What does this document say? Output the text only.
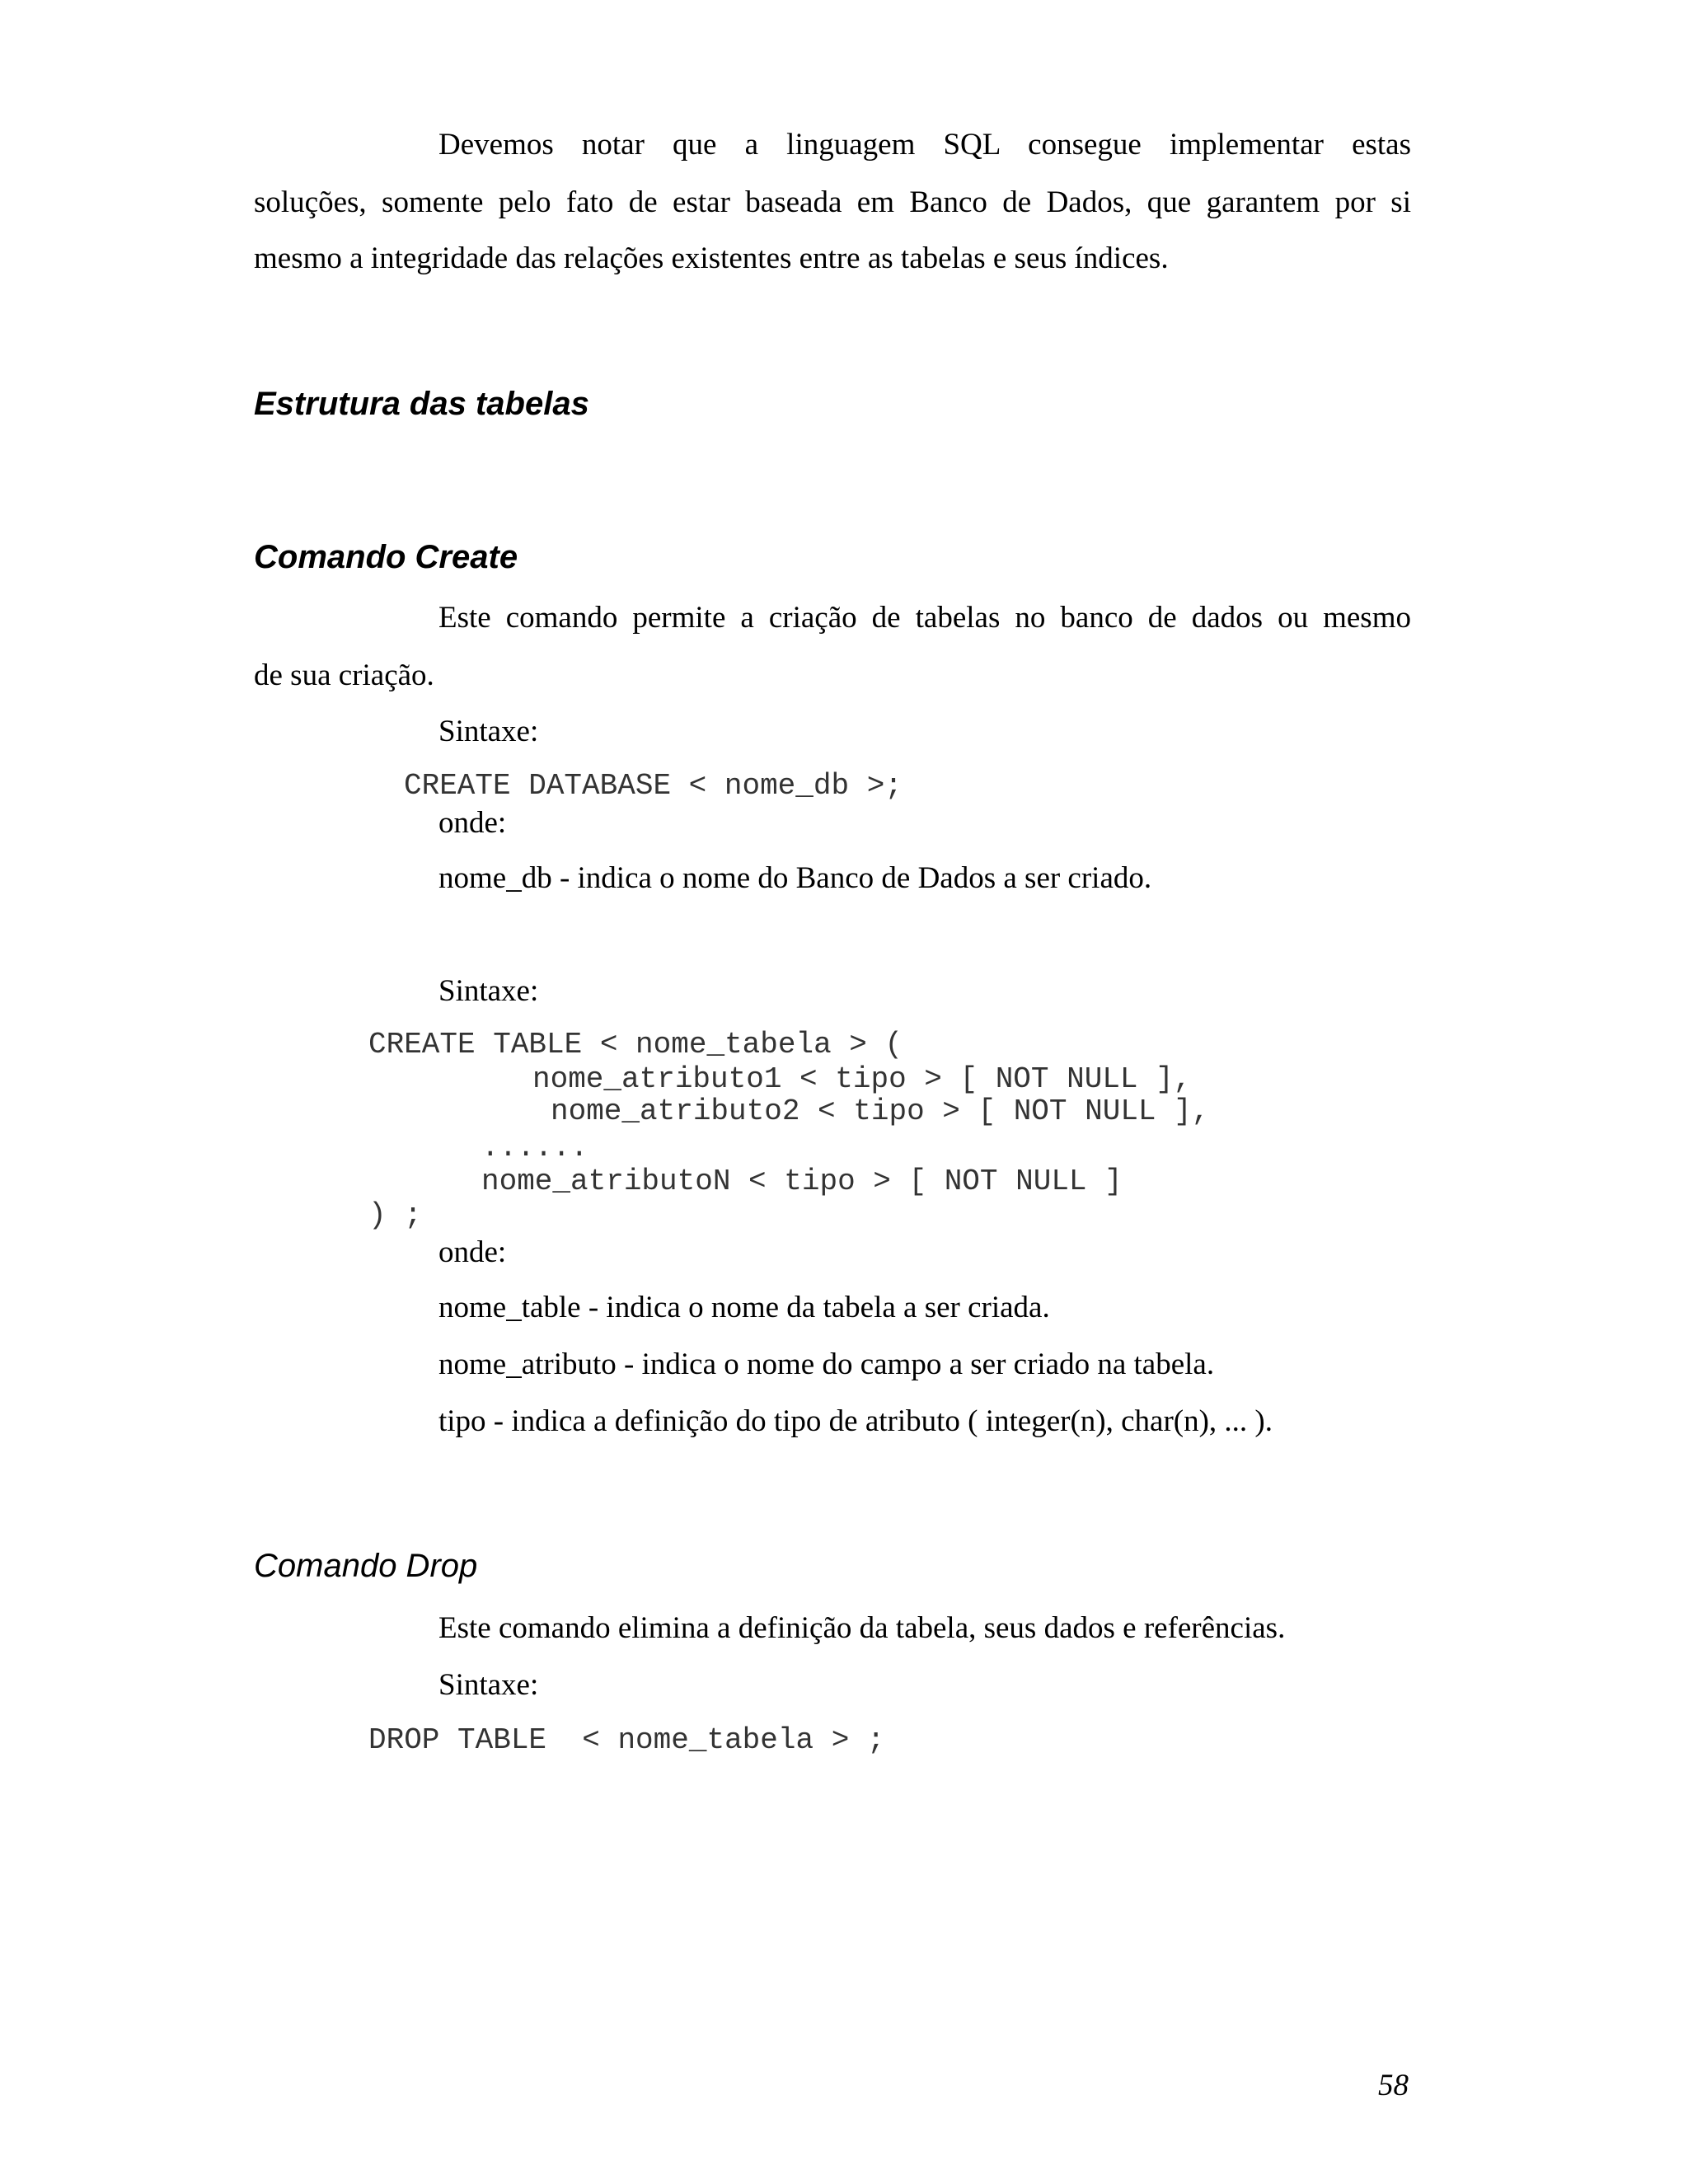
Devemos notar que a linguagem SQL consegue implementar estas
soluções, somente pelo fato de estar baseada em Banco de Dados, que garantem por si
mesmo a integridade das relações existentes entre as tabelas e seus índices.
Estrutura das tabelas
Comando Create
Este comando permite a criação de tabelas no banco de dados ou mesmo
de sua criação.
Sintaxe:
CREATE DATABASE < nome_db >;
onde:
nome_db - indica o nome do Banco de Dados a ser criado.
Sintaxe:
CREATE TABLE < nome_tabela > (
nome_atributo1 < tipo > [ NOT NULL ],
nome_atributo2 < tipo > [ NOT NULL ],
......
nome_atributoN < tipo > [ NOT NULL ]
) ;
onde:
nome_table - indica o nome da tabela a ser criada.
nome_atributo - indica o nome do campo a ser criado na tabela.
tipo - indica a definição do tipo de atributo ( integer(n), char(n), ... ).
Comando Drop
Este comando elimina a definição da tabela, seus dados e referências.
Sintaxe:
DROP TABLE  < nome_tabela > ;
58
